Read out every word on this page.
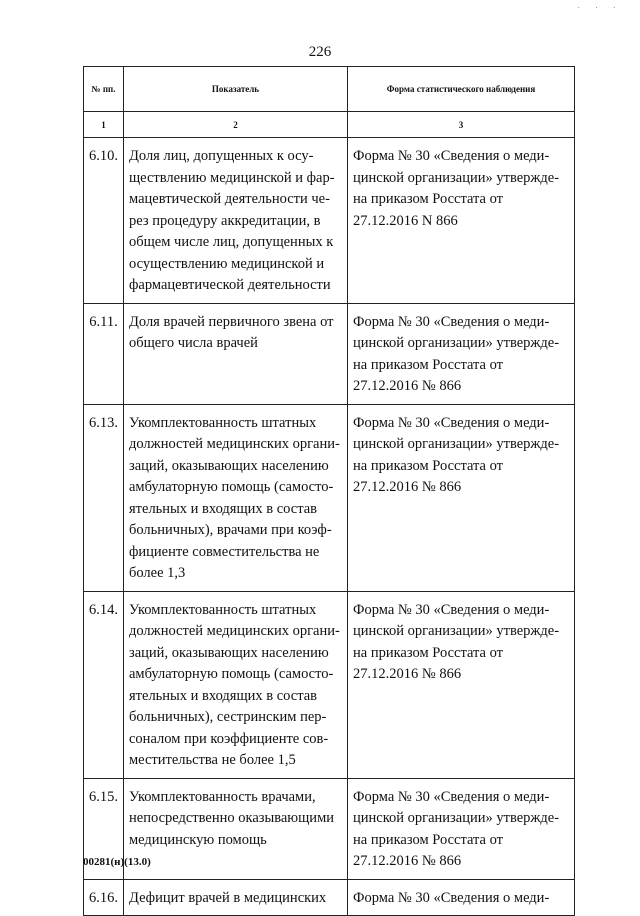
˙ ˙ ˙
226
№ пп.	Показатель	Форма статистического наблюдения
1	2	3
6.10.	Доля лиц, допущенных к осу-ществлению медицинской и фар-мацевтической деятельности че-рез процедуру аккредитации, в общем числе лиц, допущенных к осуществлению медицинской и фармацевтической деятельности	Форма № 30 «Сведения о меди-цинской организации» утвержде-на приказом Росстата от 27.12.2016 N 866
6.11.	Доля врачей первичного звена от общего числа врачей	Форма № 30 «Сведения о меди-цинской организации» утвержде-на приказом Росстата от 27.12.2016 № 866
6.13.	Укомплектованность штатных должностей медицинских органи-заций, оказывающих населению амбулаторную помощь (самосто-ятельных и входящих в состав больничных), врачами при коэф-фициенте совместительства не более 1,3	Форма № 30 «Сведения о меди-цинской организации» утвержде-на приказом Росстата от 27.12.2016 № 866
6.14.	Укомплектованность штатных должностей медицинских органи-заций, оказывающих населению амбулаторную помощь (самосто-ятельных и входящих в состав больничных), сестринским пер-соналом при коэффициенте сов-местительства не более 1,5	Форма № 30 «Сведения о меди-цинской организации» утвержде-на приказом Росстата от 27.12.2016 № 866
6.15.	Укомплектованность врачами, непосредственно оказывающими медицинскую помощь	Форма № 30 «Сведения о меди-цинской организации» утвержде-на приказом Росстата от 27.12.2016 № 866
6.16.	Дефицит врачей в медицинских	Форма № 30 «Сведения о меди-
00281(н)(13.0)
